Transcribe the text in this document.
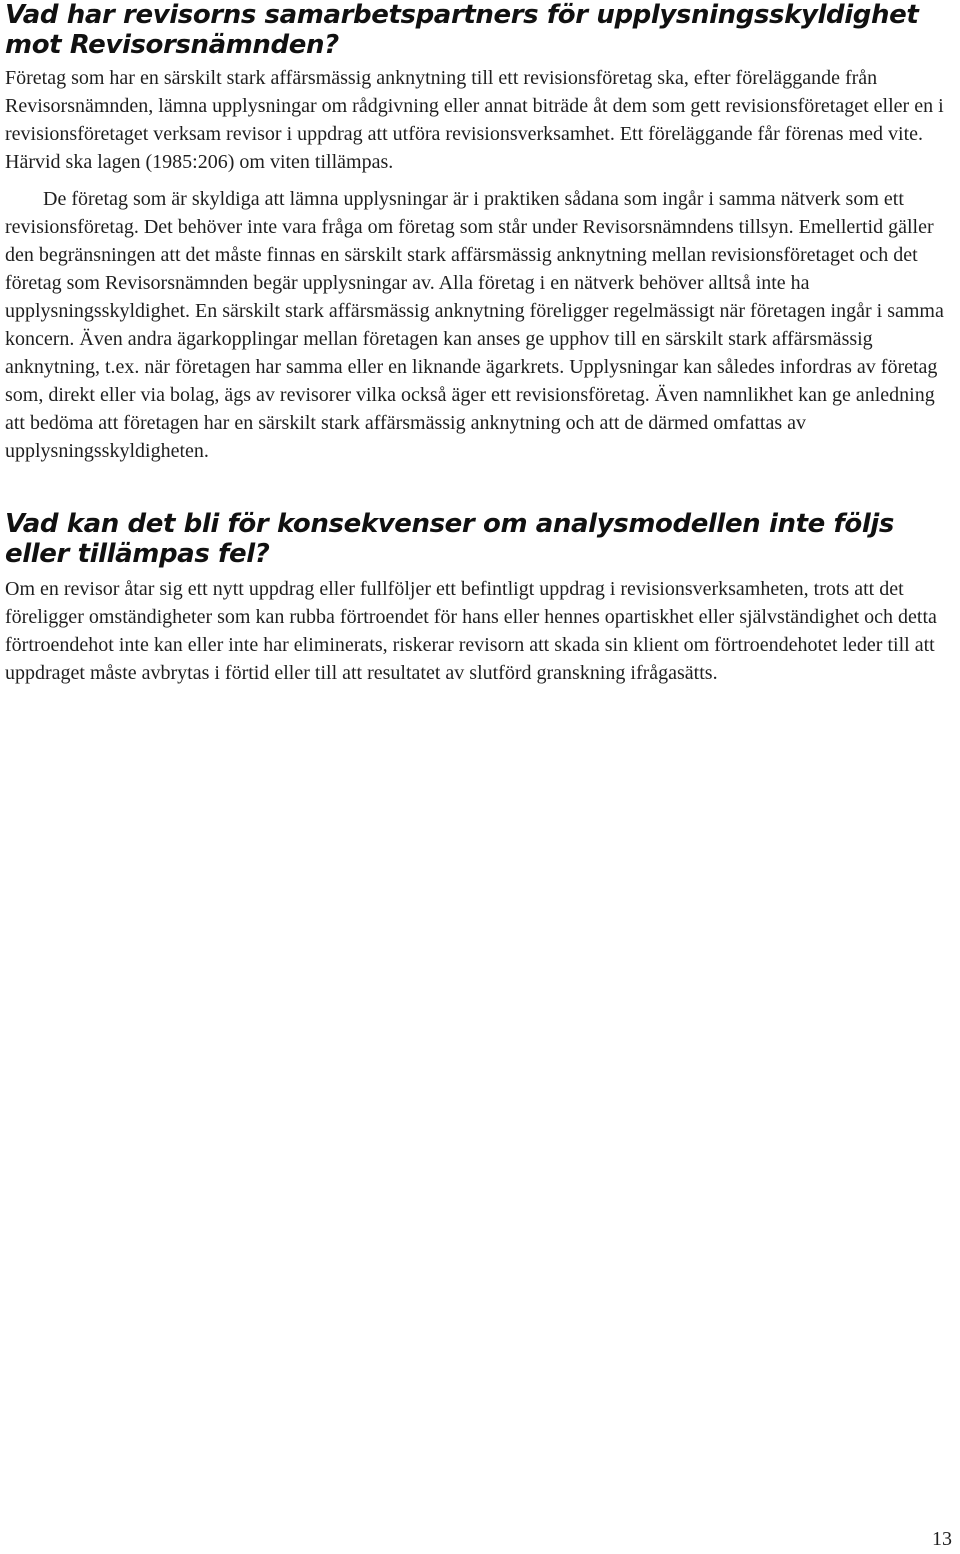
Vad har revisorns samarbetspartners för upplysningsskyldighet mot Revisorsnämnden?

Företag som har en särskilt stark affärsmässig anknytning till ett revisionsföretag ska, efter föreläggande från Revisorsnämnden, lämna upplysningar om rådgivning eller annat biträde åt dem som gett revisionsföretaget eller en i revisionsföretaget verksam revisor i uppdrag att utföra revisionsverksamhet. Ett föreläggande får förenas med vite. Härvid ska lagen (1985:206) om viten tillämpas.

De företag som är skyldiga att lämna upplysningar är i praktiken sådana som ingår i samma nätverk som ett revisionsföretag. Det behöver inte vara fråga om företag som står under Revisorsnämndens tillsyn. Emellertid gäller den begränsningen att det måste finnas en särskilt stark affärsmässig anknytning mellan revisionsföretaget och det företag som Revisorsnämnden begär upplysningar av. Alla företag i en nätverk behöver alltså inte ha upplysningsskyldighet. En särskilt stark affärsmässig anknytning föreligger regelmässigt när företagen ingår i samma koncern. Även andra ägarkopplingar mellan företagen kan anses ge upphov till en särskilt stark affärsmässig anknytning, t.ex. när företagen har samma eller en liknande ägarkrets. Upplysningar kan således infordras av företag som, direkt eller via bolag, ägs av revisorer vilka också äger ett revisionsföretag. Även namnlikhet kan ge anledning att bedöma att företagen har en särskilt stark affärsmässig anknytning och att de därmed omfattas av upplysningsskyldigheten.

Vad kan det bli för konsekvenser om analysmodellen inte följs eller tillämpas fel?

Om en revisor åtar sig ett nytt uppdrag eller fullföljer ett befintligt uppdrag i revisionsverksamheten, trots att det föreligger omständigheter som kan rubba förtroendet för hans eller hennes opartiskhet eller självständighet och detta förtroendehot inte kan eller inte har eliminerats, riskerar revisorn att skada sin klient om förtroendehotet leder till att uppdraget måste avbrytas i förtid eller till att resultatet av slutförd granskning ifrågasätts.

13
